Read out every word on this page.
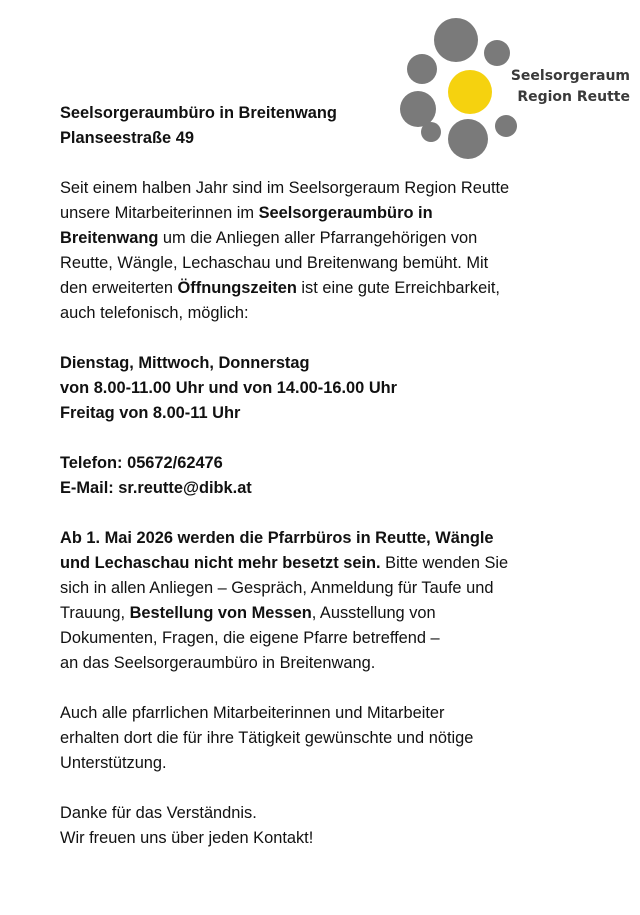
Seelsorgeraum
Region Reutte

Seelsorgeraumbüro in Breitenwang
Planseestraße 49

Seit einem halben Jahr sind im Seelsorgeraum Region Reutte
unsere Mitarbeiterinnen im Seelsorgeraumbüro in
Breitenwang um die Anliegen aller Pfarrangehörigen von
Reutte, Wängle, Lechaschau und Breitenwang bemüht. Mit
den erweiterten Öffnungszeiten ist eine gute Erreichbarkeit,
auch telefonisch, möglich:

Dienstag, Mittwoch, Donnerstag
von 8.00-11.00 Uhr und von 14.00-16.00 Uhr
Freitag von 8.00-11 Uhr

Telefon: 05672/62476
E-Mail: sr.reutte@dibk.at

Ab 1. Mai 2026 werden die Pfarrbüros in Reutte, Wängle
und Lechaschau nicht mehr besetzt sein. Bitte wenden Sie
sich in allen Anliegen – Gespräch, Anmeldung für Taufe und
Trauung, Bestellung von Messen, Ausstellung von
Dokumenten, Fragen, die eigene Pfarre betreffend –
an das Seelsorgeraumbüro in Breitenwang.

Auch alle pfarrlichen Mitarbeiterinnen und Mitarbeiter
erhalten dort die für ihre Tätigkeit gewünschte und nötige
Unterstützung.

Danke für das Verständnis.
Wir freuen uns über jeden Kontakt!
